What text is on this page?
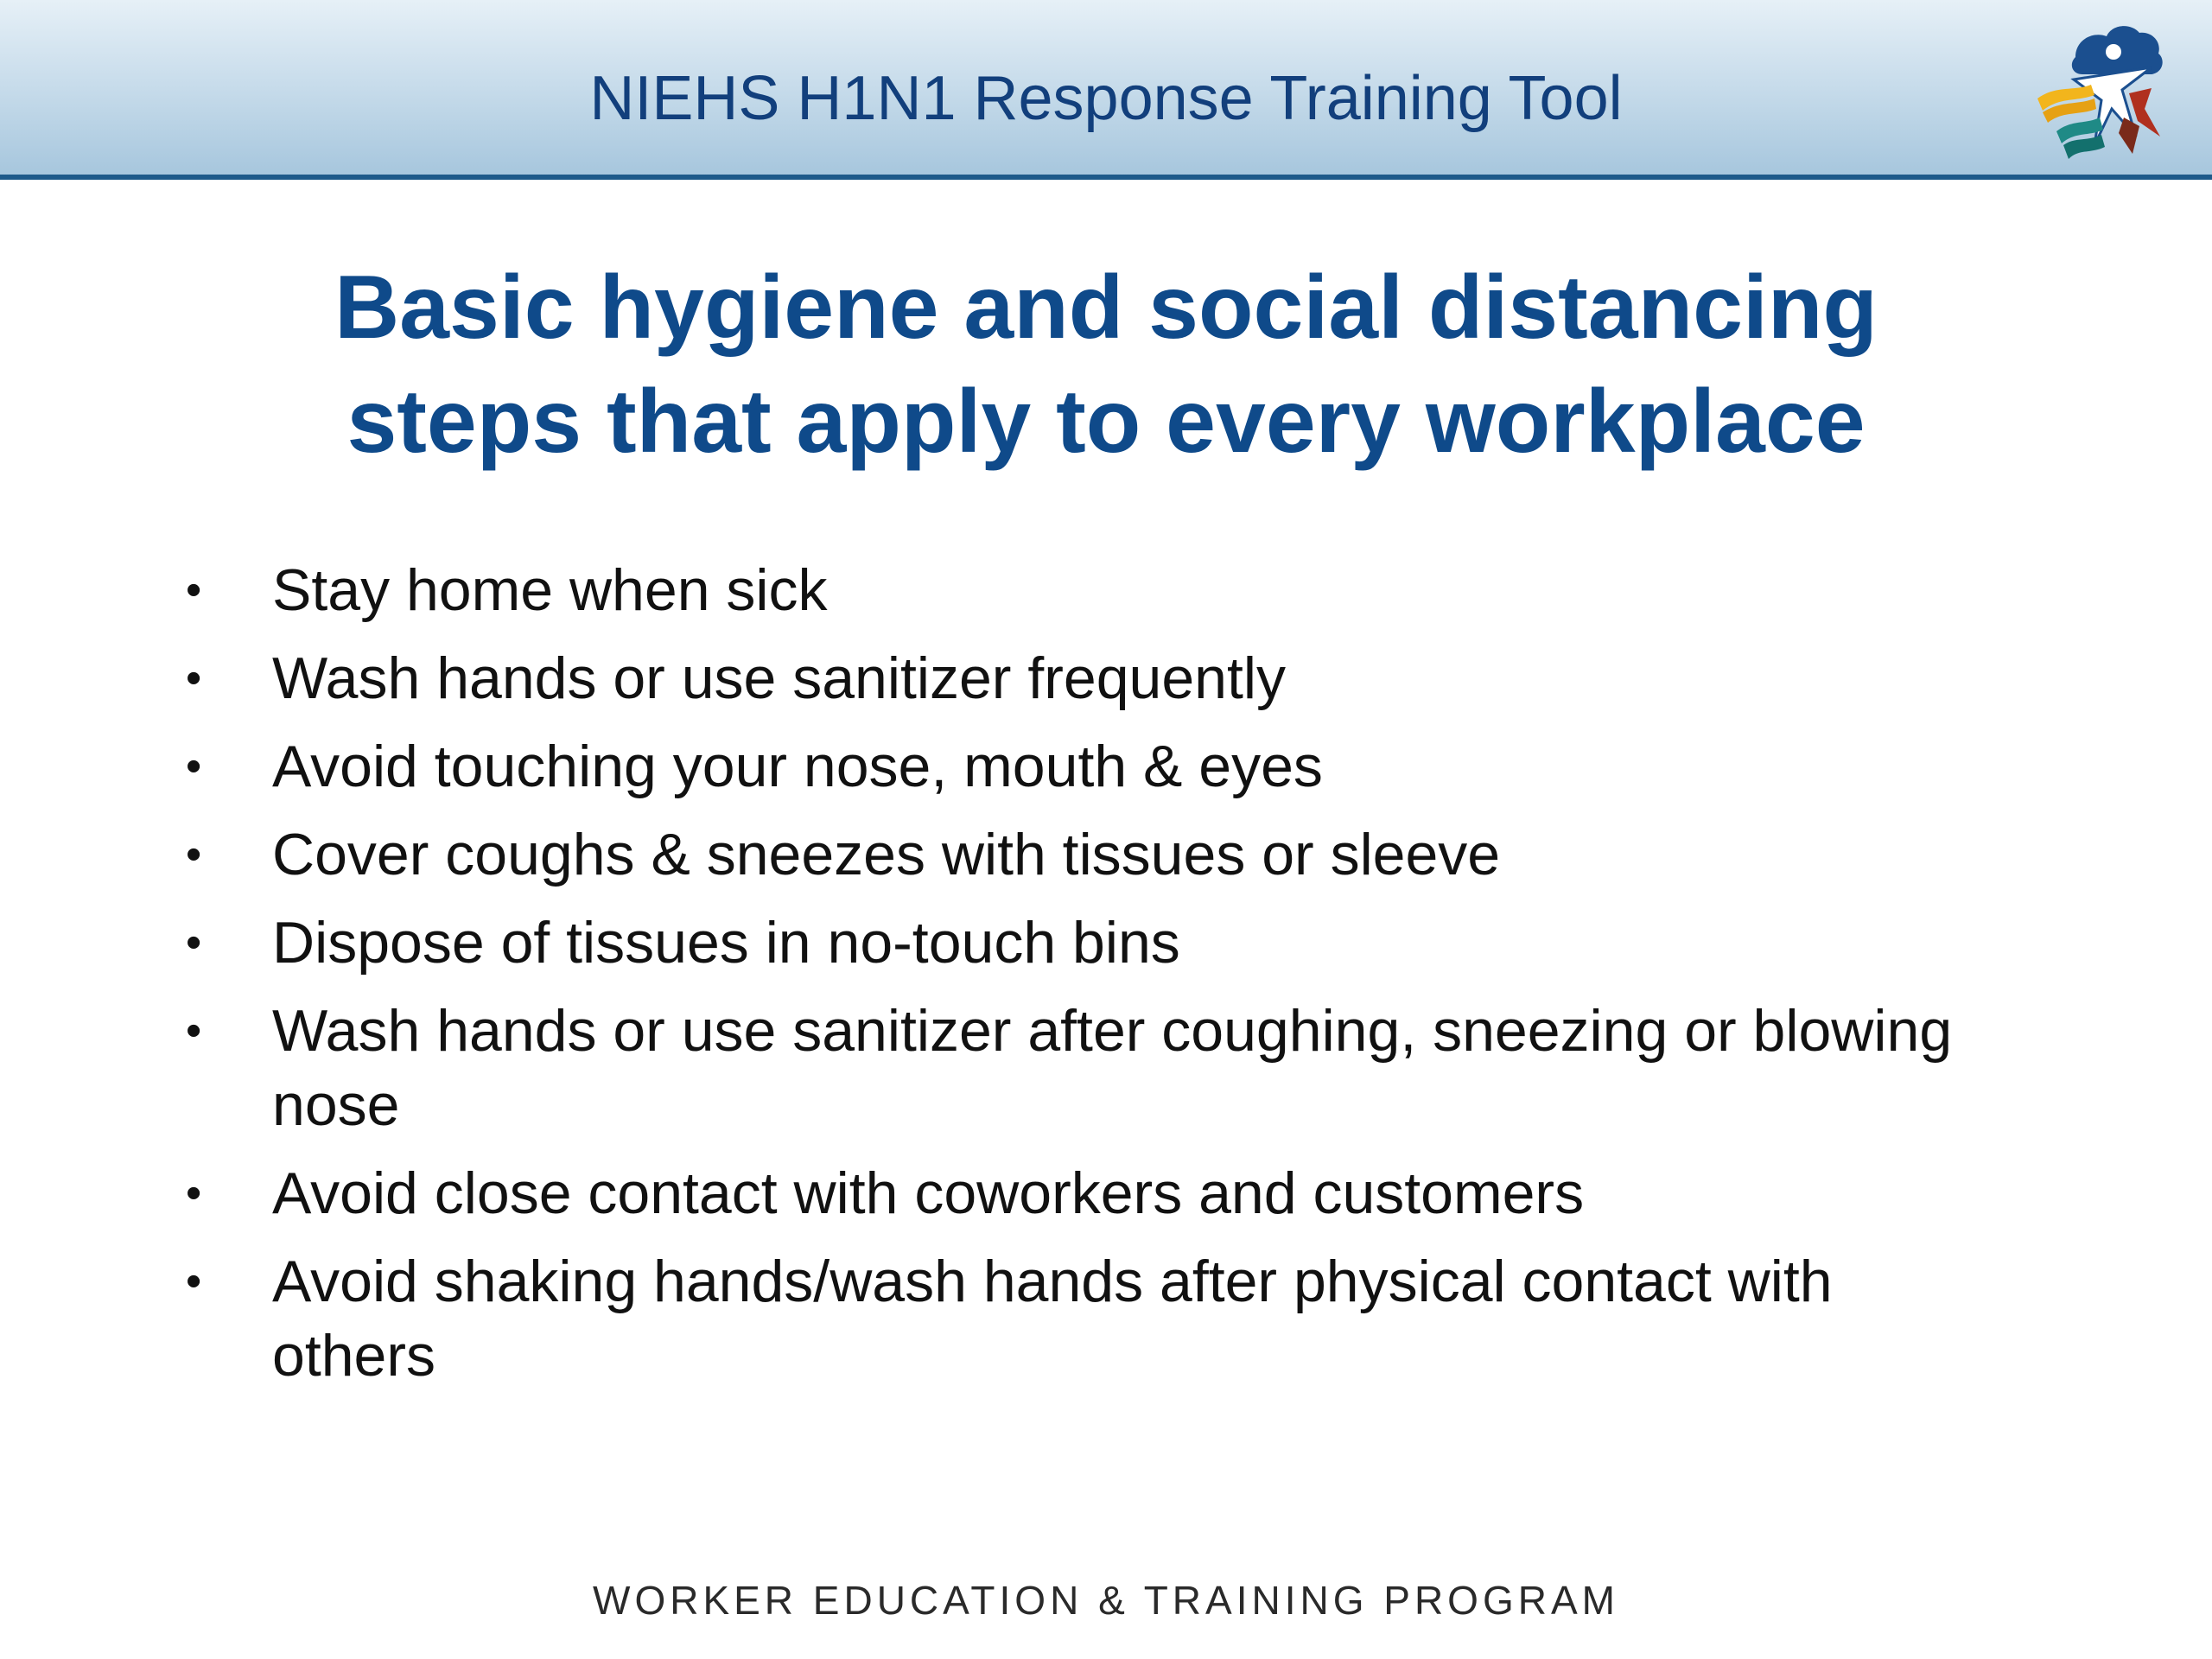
NIEHS H1N1 Response Training Tool
Basic hygiene and social distancing
steps that apply to every workplace
•	Stay home when sick
•	Wash hands or use sanitizer frequently
•	Avoid touching your nose, mouth & eyes
•	Cover coughs & sneezes with tissues or sleeve
•	Dispose of tissues in no-touch bins
•	Wash hands or use sanitizer after coughing, sneezing or blowing nose
•	Avoid close contact with coworkers and customers
•	Avoid shaking hands/wash hands after physical contact with others
WORKER EDUCATION & TRAINING PROGRAM
